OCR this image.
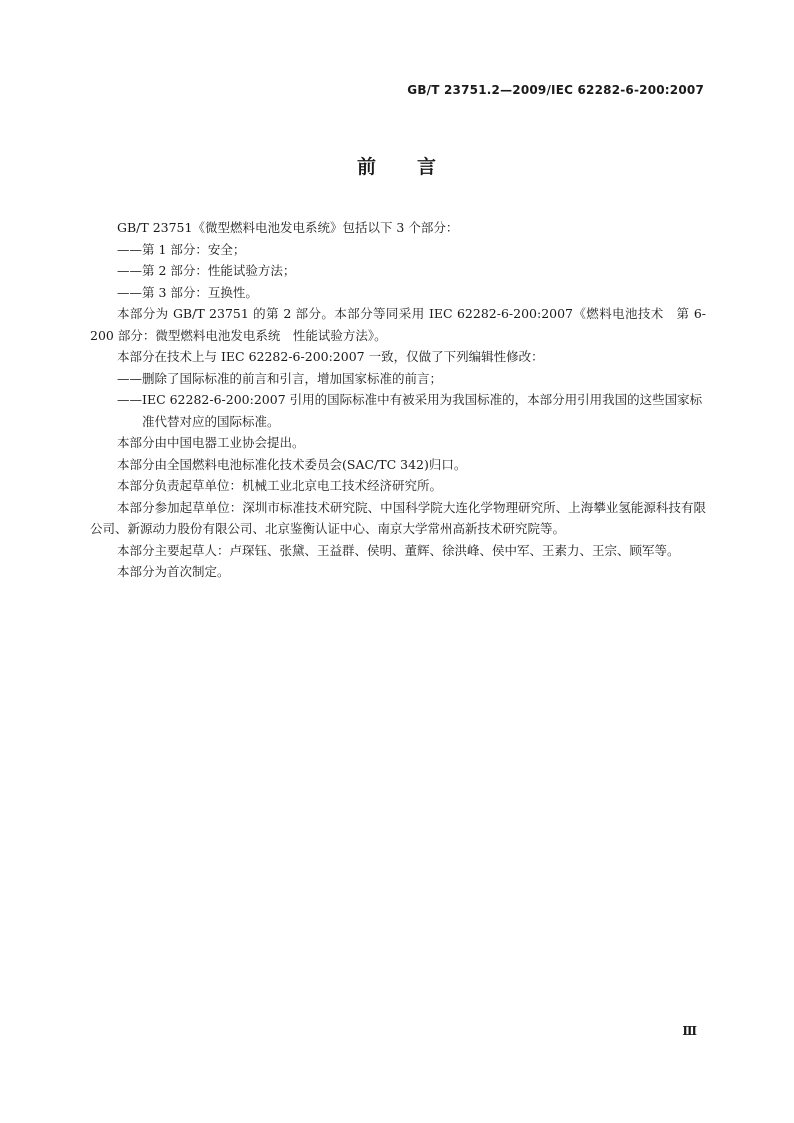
GB/T 23751.2—2009/IEC 62282-6-200:2007
前 言

GB/T 23751《微型燃料电池发电系统》包括以下 3 个部分：

——第 1 部分：安全；

——第 2 部分：性能试验方法；

——第 3 部分：互换性。

本部分为 GB/T 23751 的第 2 部分。本部分等同采用 IEC 62282-6-200:2007《燃料电池技术　第 6-200 部分：微型燃料电池发电系统　性能试验方法》。

本部分在技术上与 IEC 62282-6-200:2007 一致，仅做了下列编辑性修改：

——删除了国际标准的前言和引言，增加国家标准的前言；

——IEC 62282-6-200:2007 引用的国际标准中有被采用为我国标准的，本部分用引用我国的这些国家标准代替对应的国际标准。

本部分由中国电器工业协会提出。

本部分由全国燃料电池标准化技术委员会(SAC/TC 342)归口。

本部分负责起草单位：机械工业北京电工技术经济研究所。

本部分参加起草单位：深圳市标准技术研究院、中国科学院大连化学物理研究所、上海攀业氢能源科技有限公司、新源动力股份有限公司、北京鉴衡认证中心、南京大学常州高新技术研究院等。

本部分主要起草人：卢琛钰、张黛、王益群、侯明、董辉、徐洪峰、侯中军、王素力、王宗、顾军等。

本部分为首次制定。

Ⅲ
